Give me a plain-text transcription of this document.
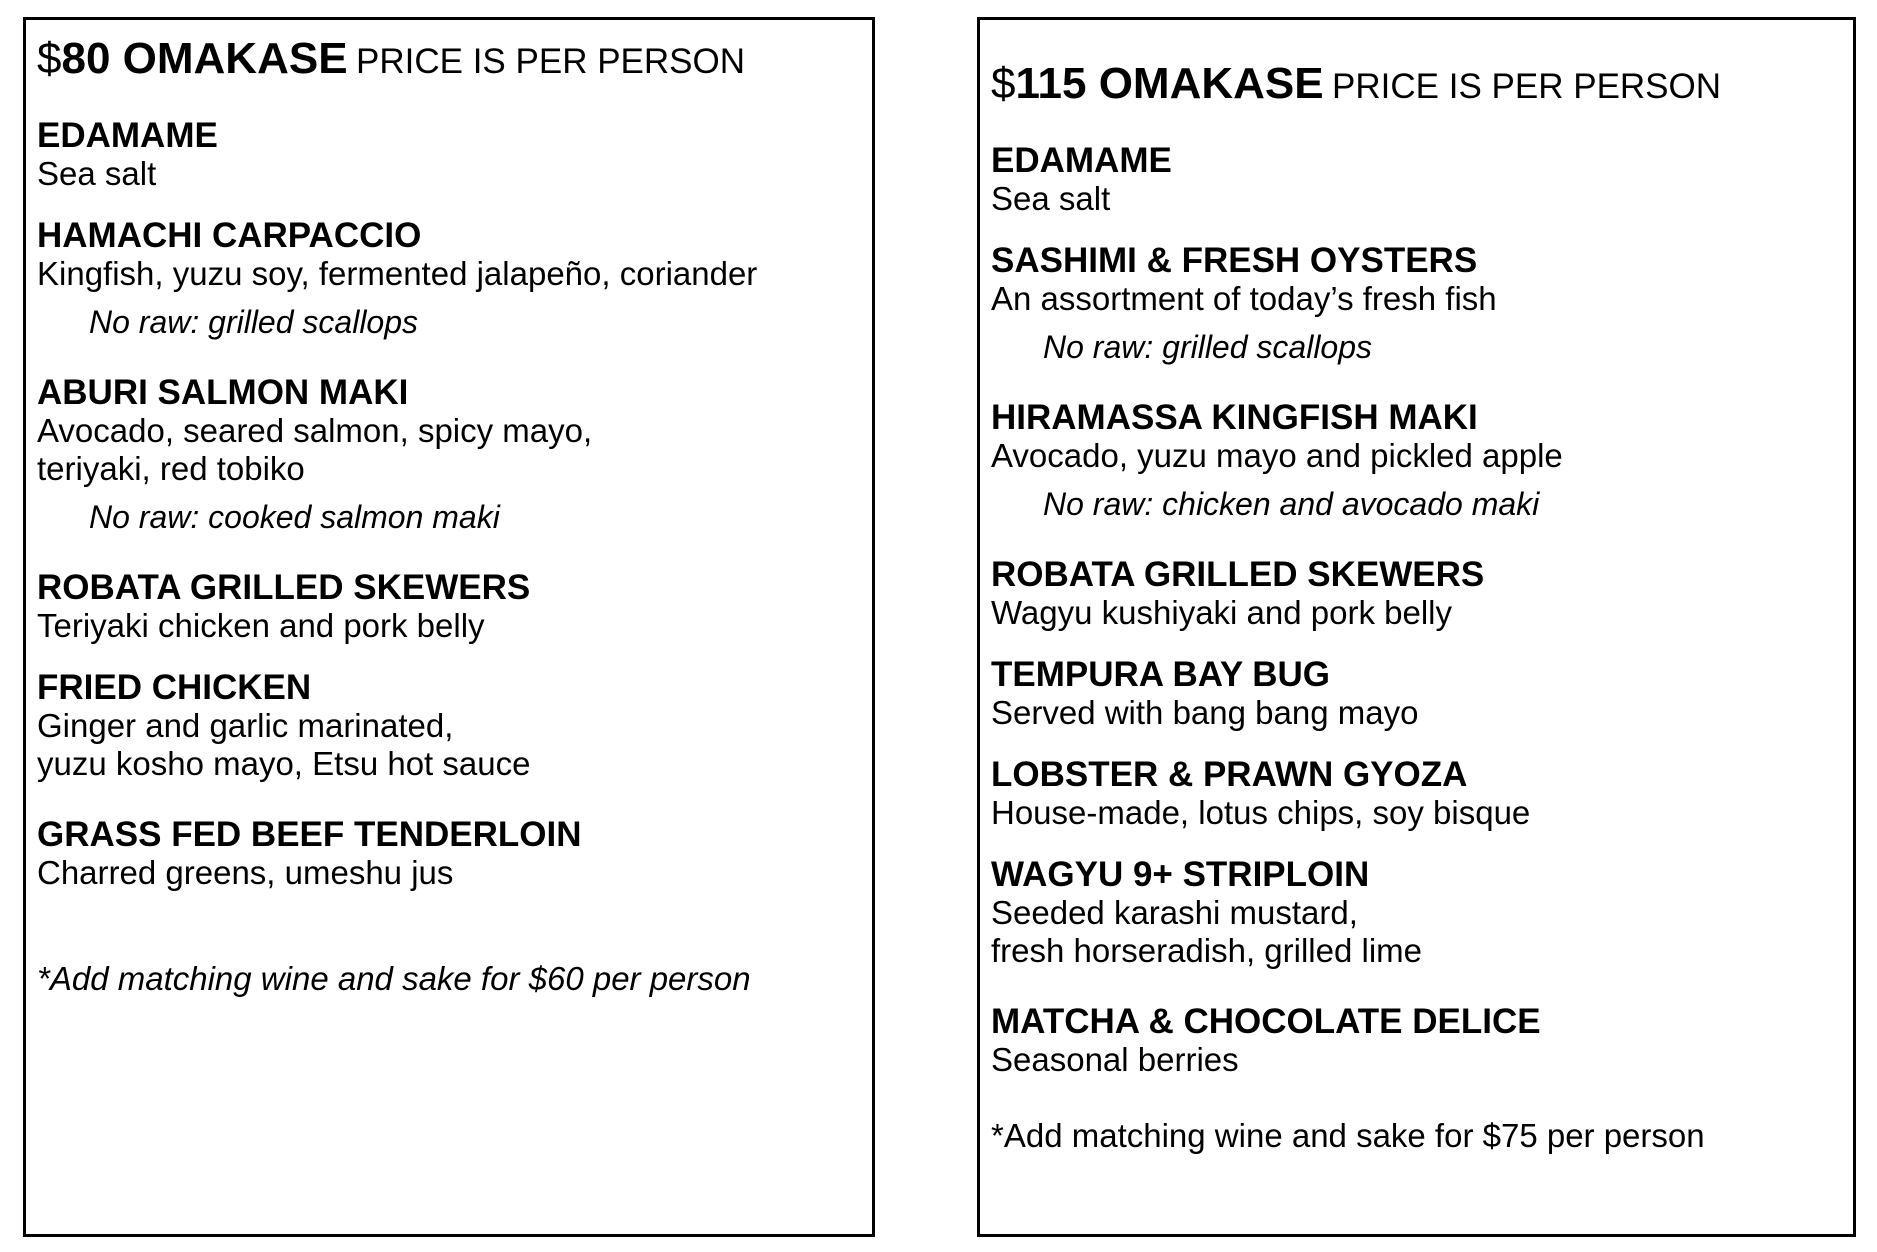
$80 OMAKASE PRICE IS PER PERSON
EDAMAME
Sea salt
HAMACHI CARPACCIO
Kingfish, yuzu soy, fermented jalapeño, coriander
No raw: grilled scallops
ABURI SALMON MAKI
Avocado, seared salmon, spicy mayo,
teriyaki, red tobiko
No raw: cooked salmon maki
ROBATA GRILLED SKEWERS
Teriyaki chicken and pork belly
FRIED CHICKEN
Ginger and garlic marinated,
yuzu kosho mayo, Etsu hot sauce
GRASS FED BEEF TENDERLOIN
Charred greens, umeshu jus
*Add matching wine and sake for $60 per person
$115 OMAKASE PRICE IS PER PERSON
EDAMAME
Sea salt
SASHIMI & FRESH OYSTERS
An assortment of today’s fresh fish
No raw: grilled scallops
HIRAMASSA KINGFISH MAKI
Avocado, yuzu mayo and pickled apple
No raw: chicken and avocado maki
ROBATA GRILLED SKEWERS
Wagyu kushiyaki and pork belly
TEMPURA BAY BUG
Served with bang bang mayo
LOBSTER & PRAWN GYOZA
House-made, lotus chips, soy bisque
WAGYU 9+ STRIPLOIN
Seeded karashi mustard,
fresh horseradish, grilled lime
MATCHA & CHOCOLATE DELICE
Seasonal berries
*Add matching wine and sake for $75 per person
